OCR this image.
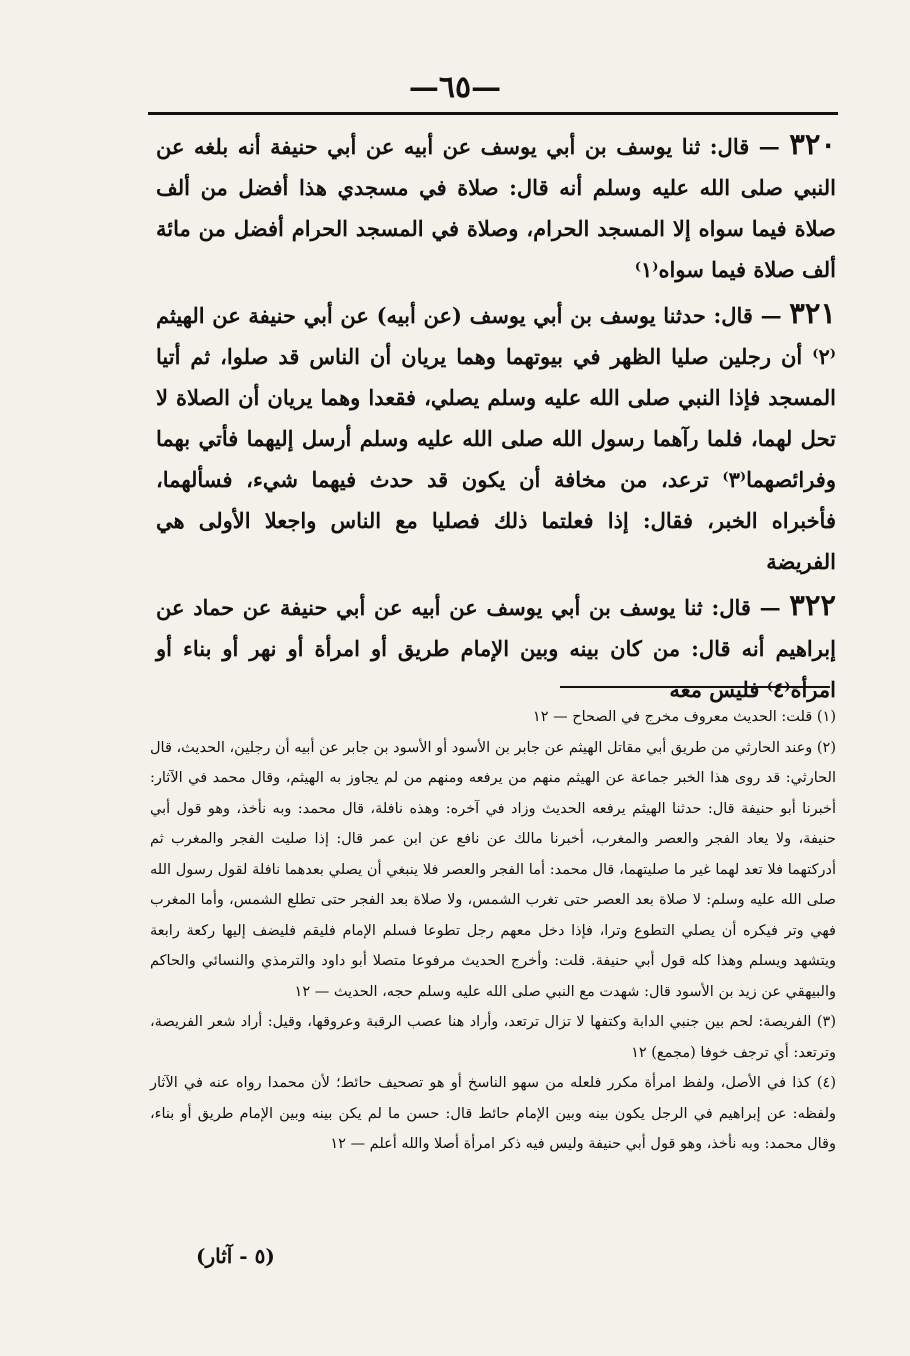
—٦٥—

٣٢٠ — قال: ثنا يوسف بن أبي يوسف عن أبيه عن أبي حنيفة أنه بلغه عن النبي صلى الله عليه وسلم أنه قال: صلاة في مسجدي هذا أفضل من ألف صلاة فيما سواه إلا المسجد الحرام، وصلاة في المسجد الحرام أفضل من مائة ألف صلاة فيما سواه⁽١⁾

٣٢١ — قال: حدثنا يوسف بن أبي يوسف (عن أبيه) عن أبي حنيفة عن الهيثم ⁽٢⁾ أن رجلين صليا الظهر في بيوتهما وهما يريان أن الناس قد صلوا، ثم أتيا المسجد فإذا النبي صلى الله عليه وسلم يصلي، فقعدا وهما يريان أن الصلاة لا تحل لهما، فلما رآهما رسول الله صلى الله عليه وسلم أرسل إليهما فأتي بهما وفرائصهما⁽٣⁾ ترعد، من مخافة أن يكون قد حدث فيهما شيء، فسألهما، فأخبراه الخبر، فقال: إذا فعلتما ذلك فصليا مع الناس واجعلا الأولى هي الفريضة

٣٢٢ — قال: ثنا يوسف بن أبي يوسف عن أبيه عن أبي حنيفة عن حماد عن إبراهيم أنه قال: من كان بينه وبين الإمام طريق أو امرأة أو نهر أو بناء أو امرأة⁽٤⁾ فليس معه

(١) قلت: الحديث معروف مخرج في الصحاح — ١٢

(٢) وعند الحارثي من طريق أبي مقاتل الهيثم عن جابر بن الأسود أو الأسود بن جابر عن أبيه أن رجلين، الحديث، قال الحارثي: قد روى هذا الخبر جماعة عن الهيثم منهم من يرفعه ومنهم من لم يجاوز به الهيثم، وقال محمد في الآثار: أخبرنا أبو حنيفة قال: حدثنا الهيثم يرفعه الحديث وزاد في آخره: وهذه نافلة، قال محمد: وبه نأخذ، وهو قول أبي حنيفة، ولا يعاد الفجر والعصر والمغرب، أخبرنا مالك عن نافع عن ابن عمر قال: إذا صليت الفجر والمغرب ثم أدركتهما فلا تعد لهما غير ما صليتهما، قال محمد: أما الفجر والعصر فلا ينبغي أن يصلي بعدهما نافلة لقول رسول الله صلى الله عليه وسلم: لا صلاة بعد العصر حتى تغرب الشمس، ولا صلاة بعد الفجر حتى تطلع الشمس، وأما المغرب فهي وتر فيكره أن يصلي التطوع وترا، فإذا دخل معهم رجل تطوعا فسلم الإمام فليقم فليضف إليها ركعة رابعة ويتشهد ويسلم وهذا كله قول أبي حنيفة. قلت: وأخرج الحديث مرفوعا متصلا أبو داود والترمذي والنسائي والحاكم والبيهقي عن زيد بن الأسود قال: شهدت مع النبي صلى الله عليه وسلم حجه، الحديث — ١٢

(٣) الفريصة: لحم بين جنبي الدابة وكتفها لا تزال ترتعد، وأراد هنا عصب الرقبة وعروقها، وقيل: أراد شعر الفريصة، وترتعد: أي ترجف خوفا (مجمع) ١٢

(٤) كذا في الأصل، ولفظ امرأة مكرر فلعله من سهو الناسخ أو هو تصحيف حائط؛ لأن محمدا رواه عنه في الآثار ولفظه: عن إبراهيم في الرجل يكون بينه وبين الإمام حائط قال: حسن ما لم يكن بينه وبين الإمام طريق أو بناء، وقال محمد: وبه نأخذ، وهو قول أبي حنيفة وليس فيه ذكر امرأة أصلا والله أعلم — ١٢

(٥ - آثار)
